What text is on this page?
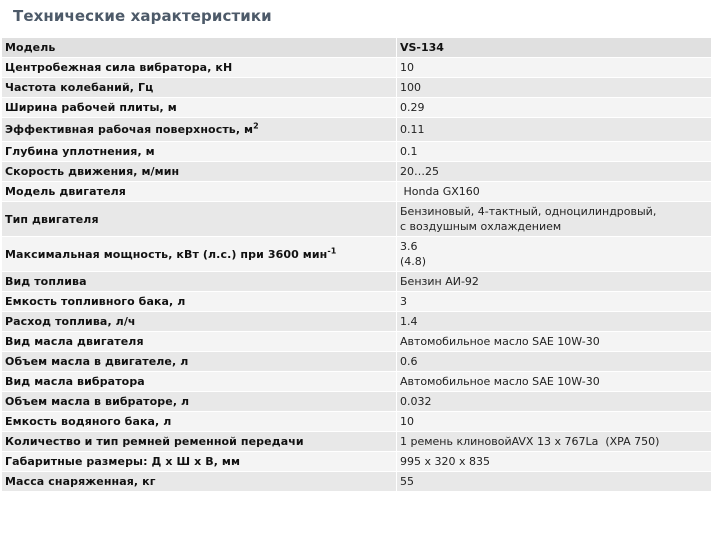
Технические характеристики
Модель	VS-134
Центробежная сила вибратора, кН	10
Частота колебаний, Гц	100
Ширина рабочей плиты, м	0.29
Эффективная рабочая поверхность, $м^2$	0.11
Глубина уплотнения, м	0.1
Скорость движения, м/мин	20…25
Модель двигателя	Honda GX160
Тип двигателя	Бензиновый, 4-тактный, одноцилиндровый,
с воздушным охлаждением

Максимальная мощность, кВт (л.с.) при 3600 мин$^{-1}$	3.6
(4.8)

Вид топлива	Бензин АИ-92
Емкость топливного бака, л	3
Расход топлива, л/ч	1.4
Вид масла двигателя	Автомобильное масло SAE 10W-30
Объем масла в двигателе, л	0.6
Вид масла вибратора	Автомобильное масло SAE 10W-30
Объем масла в вибраторе, л	0.032
Емкость водяного бака, л	10
Количество и тип ремней ременной передачи	1 ремень клиновойAVX 13 x 767La  (XPA 750)
Габаритные размеры: Д x Ш x В, мм	995 x 320 x 835
Масса снаряженная, кг	55
